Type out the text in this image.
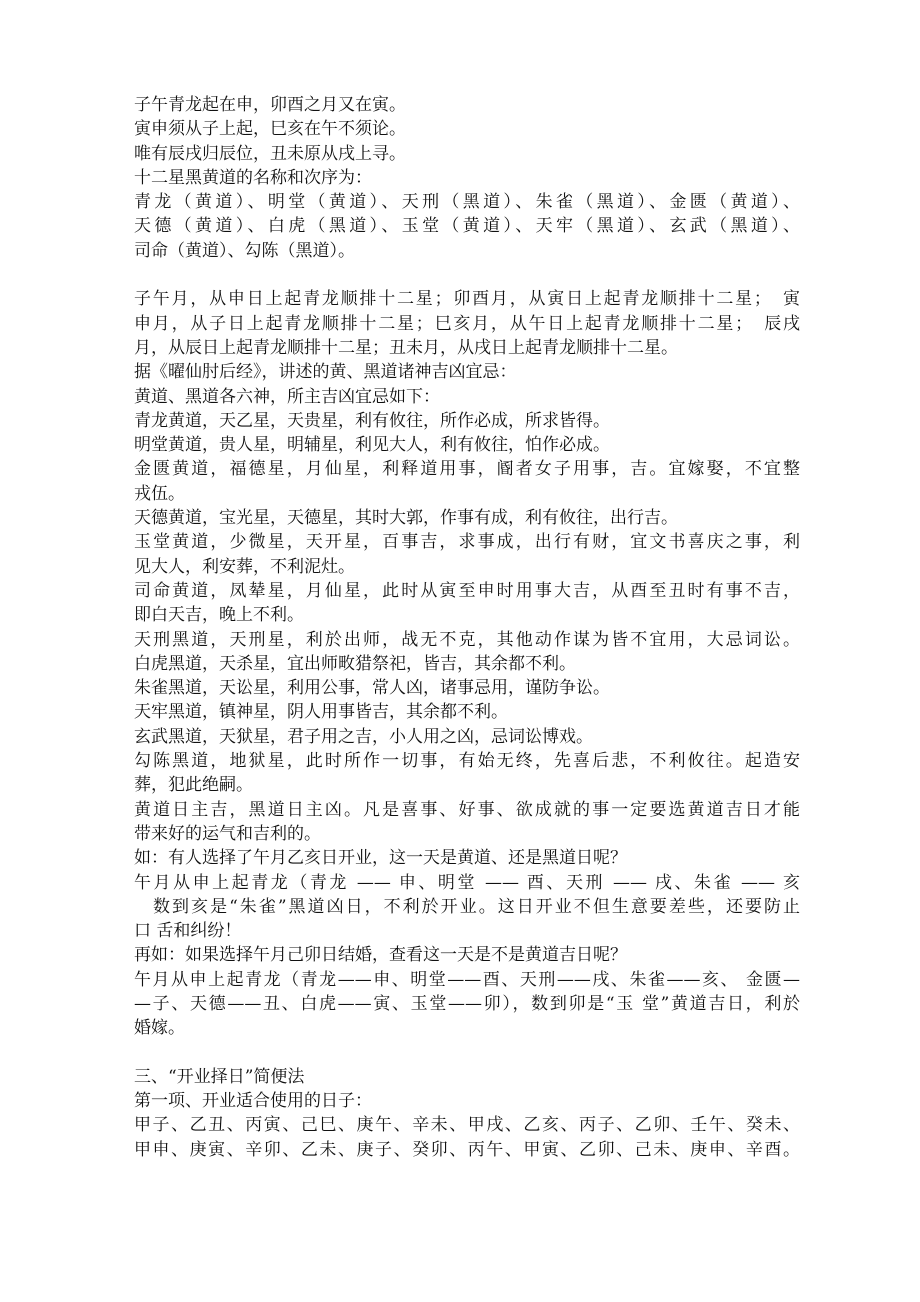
子午青龙起在申，卯酉之月又在寅。
寅申须从子上起，巳亥在午不须论。
唯有辰戌归辰位，丑未原从戌上寻。
十二星黑黄道的名称和次序为：
青龙（黄道）、明堂（黄道）、天刑（黑道）、朱雀（黑道）、金匮（黄道）、
天德（黄道）、白虎（黑道）、玉堂（黄道）、天牢（黑道）、玄武（黑道）、
司命（黄道）、勾陈（黑道）。
子午月，从申日上起青龙顺排十二星；卯酉月，从寅日上起青龙顺排十二星；　寅
申月，从子日上起青龙顺排十二星；巳亥月，从午日上起青龙顺排十二星；　辰戌
月，从辰日上起青龙顺排十二星；丑未月，从戌日上起青龙顺排十二星。
据《曜仙肘后经》，讲述的黄、黑道诸神吉凶宜忌：
黄道、黑道各六神，所主吉凶宜忌如下：
青龙黄道，天乙星，天贵星，利有攸往，所作必成，所求皆得。
明堂黄道，贵人星，明辅星，利见大人，利有攸往，怕作必成。
金匮黄道，福德星，月仙星，利释道用事，阍者女子用事，吉。宜嫁娶，不宜整
戎伍。
天德黄道，宝光星，天德星，其时大郭，作事有成，利有攸往，出行吉。
玉堂黄道，少微星，天开星，百事吉，求事成，出行有财，宜文书喜庆之事，利
见大人，利安葬，不利泥灶。
司命黄道，凤辇星，月仙星，此时从寅至申时用事大吉，从酉至丑时有事不吉，
即白天吉，晚上不利。
天刑黑道，天刑星，利於出师，战无不克，其他动作谋为皆不宜用，大忌词讼。
白虎黑道，天杀星，宜出师畋猎祭祀，皆吉，其余都不利。
朱雀黑道，天讼星，利用公事，常人凶，诸事忌用，谨防争讼。
天牢黑道，镇神星，阴人用事皆吉，其余都不利。
玄武黑道，天狱星，君子用之吉，小人用之凶，忌词讼博戏。
勾陈黑道，地狱星，此时所作一切事，有始无终，先喜后悲，不利攸往。起造安
葬，犯此绝嗣。
黄道日主吉，黑道日主凶。凡是喜事、好事、欲成就的事一定要选黄道吉日才能
带来好的运气和吉利的。
如：有人选择了午月乙亥日开业，这一天是黄道、还是黑道日呢？
午月从申上起青龙（青龙 —— 申、明堂 —— 酉、天刑 —— 戌、朱雀 —— 亥
　数到亥是“朱雀”黑道凶日，不利於开业。这日开业不但生意要差些，还要防止
口 舌和纠纷！
再如：如果选择午月己卯日结婚，查看这一天是不是黄道吉日呢？
午月从申上起青龙（青龙——申、明堂——酉、天刑——戌、朱雀——亥、 金匮—
—子、天德——丑、白虎——寅、玉堂——卯），数到卯是“玉 堂”黄道吉日，利於
婚嫁。
三、“开业择日”简便法
第一项、开业适合使用的日子：
甲子、乙丑、丙寅、己巳、庚午、辛未、甲戌、乙亥、丙子、乙卯、壬午、癸未、
甲申、庚寅、辛卯、乙未、庚子、癸卯、丙午、甲寅、乙卯、己未、庚申、辛酉。
